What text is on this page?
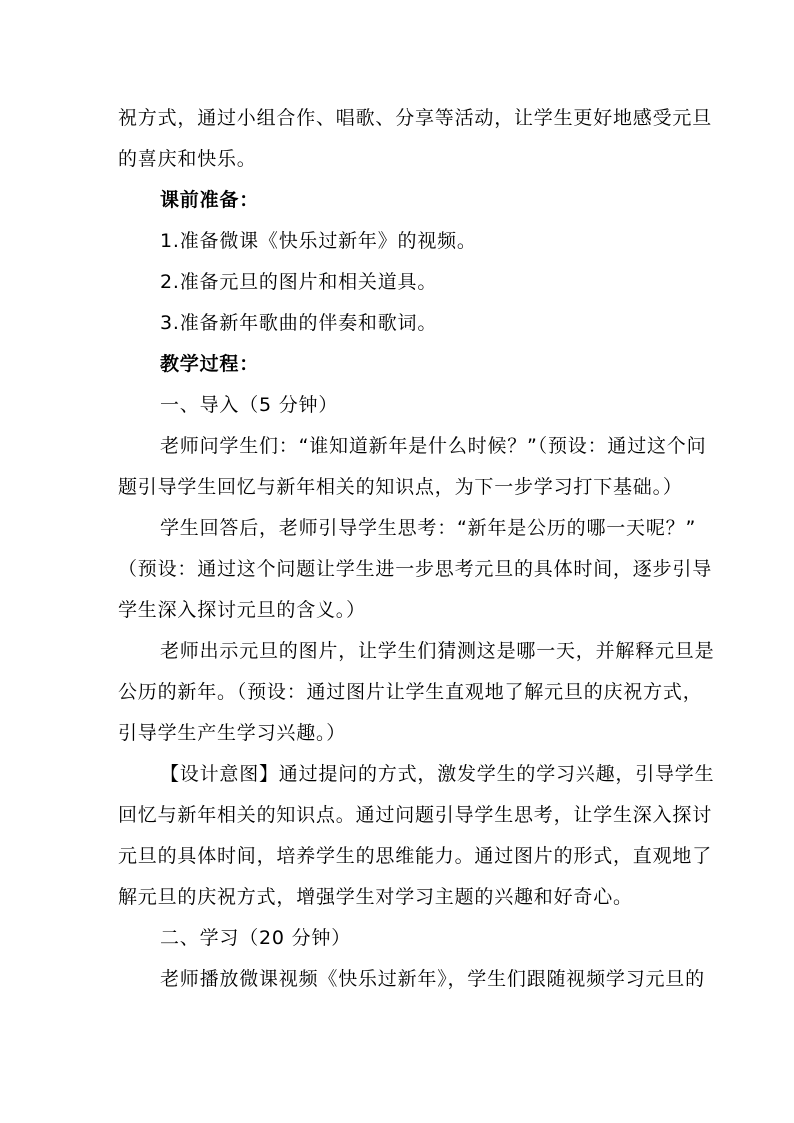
祝方式，通过小组合作、唱歌、分享等活动，让学生更好地感受元旦
的喜庆和快乐。
课前准备：
1.准备微课《快乐过新年》的视频。
2.准备元旦的图片和相关道具。
3.准备新年歌曲的伴奏和歌词。
教学过程：
一、导入（5 分钟）
老师问学生们：“谁知道新年是什么时候？”（预设：通过这个问
题引导学生回忆与新年相关的知识点，为下一步学习打下基础。）
学生回答后，老师引导学生思考：“新年是公历的哪一天呢？”
（预设：通过这个问题让学生进一步思考元旦的具体时间，逐步引导
学生深入探讨元旦的含义。）
老师出示元旦的图片，让学生们猜测这是哪一天，并解释元旦是
公历的新年。（预设：通过图片让学生直观地了解元旦的庆祝方式，
引导学生产生学习兴趣。）
【设计意图】通过提问的方式，激发学生的学习兴趣，引导学生
回忆与新年相关的知识点。通过问题引导学生思考，让学生深入探讨
元旦的具体时间，培养学生的思维能力。通过图片的形式，直观地了
解元旦的庆祝方式，增强学生对学习主题的兴趣和好奇心。
二、学习（20 分钟）
老师播放微课视频《快乐过新年》，学生们跟随视频学习元旦的
